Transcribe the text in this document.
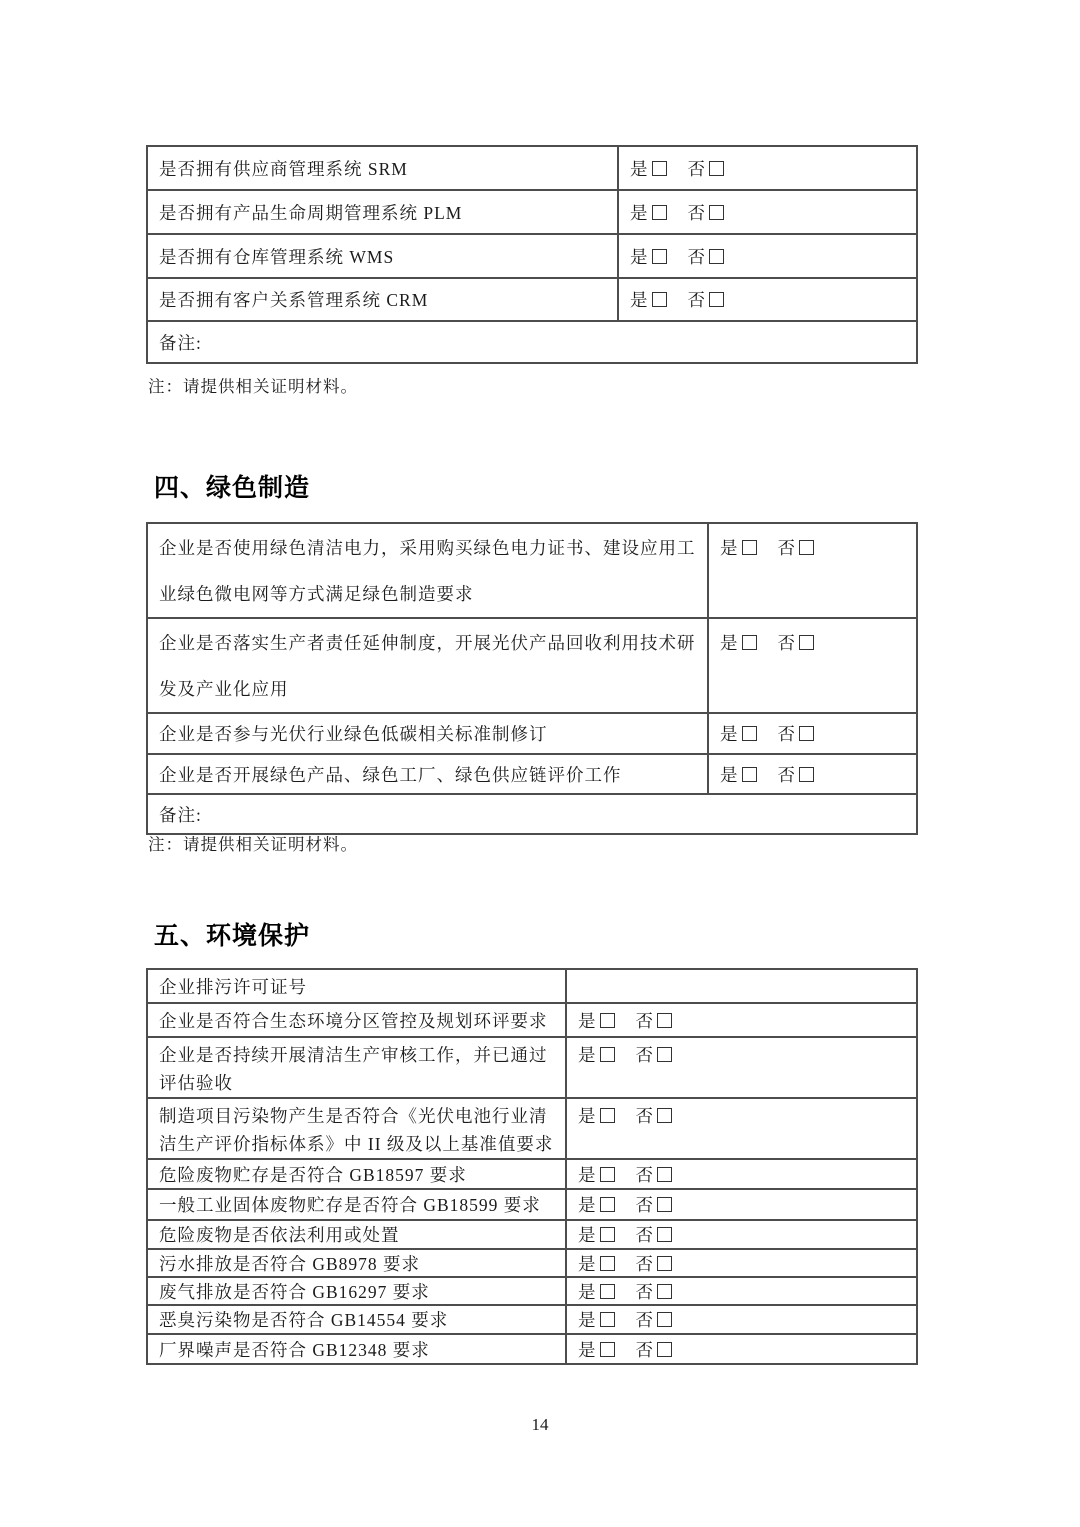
是否拥有供应商管理系统 SRM	是 否
是否拥有产品生命周期管理系统 PLM	是 否
是否拥有仓库管理系统 WMS	是 否
是否拥有客户关系管理系统 CRM	是 否
备注:	
注：请提供相关证明材料。
四、绿色制造
企业是否使用绿色清洁电力，采用购买绿色电力证书、建设应用工业绿色微电网等方式满足绿色制造要求	是 否
企业是否落实生产者责任延伸制度，开展光伏产品回收利用技术研发及产业化应用	是 否
企业是否参与光伏行业绿色低碳相关标准制修订	是 否
企业是否开展绿色产品、绿色工厂、绿色供应链评价工作	是 否
备注:	
注：请提供相关证明材料。
五、环境保护
企业排污许可证号	
企业是否符合生态环境分区管控及规划环评要求	是 否
企业是否持续开展清洁生产审核工作，并已通过评估验收	是 否
制造项目污染物产生是否符合《光伏电池行业清洁生产评价指标体系》中 II 级及以上基准值要求	是 否
危险废物贮存是否符合 GB18597 要求	是 否
一般工业固体废物贮存是否符合 GB18599 要求	是 否
危险废物是否依法利用或处置	是 否
污水排放是否符合 GB8978 要求	是 否
废气排放是否符合 GB16297 要求	是 否
恶臭污染物是否符合 GB14554 要求	是 否
厂界噪声是否符合 GB12348 要求	是 否
14
